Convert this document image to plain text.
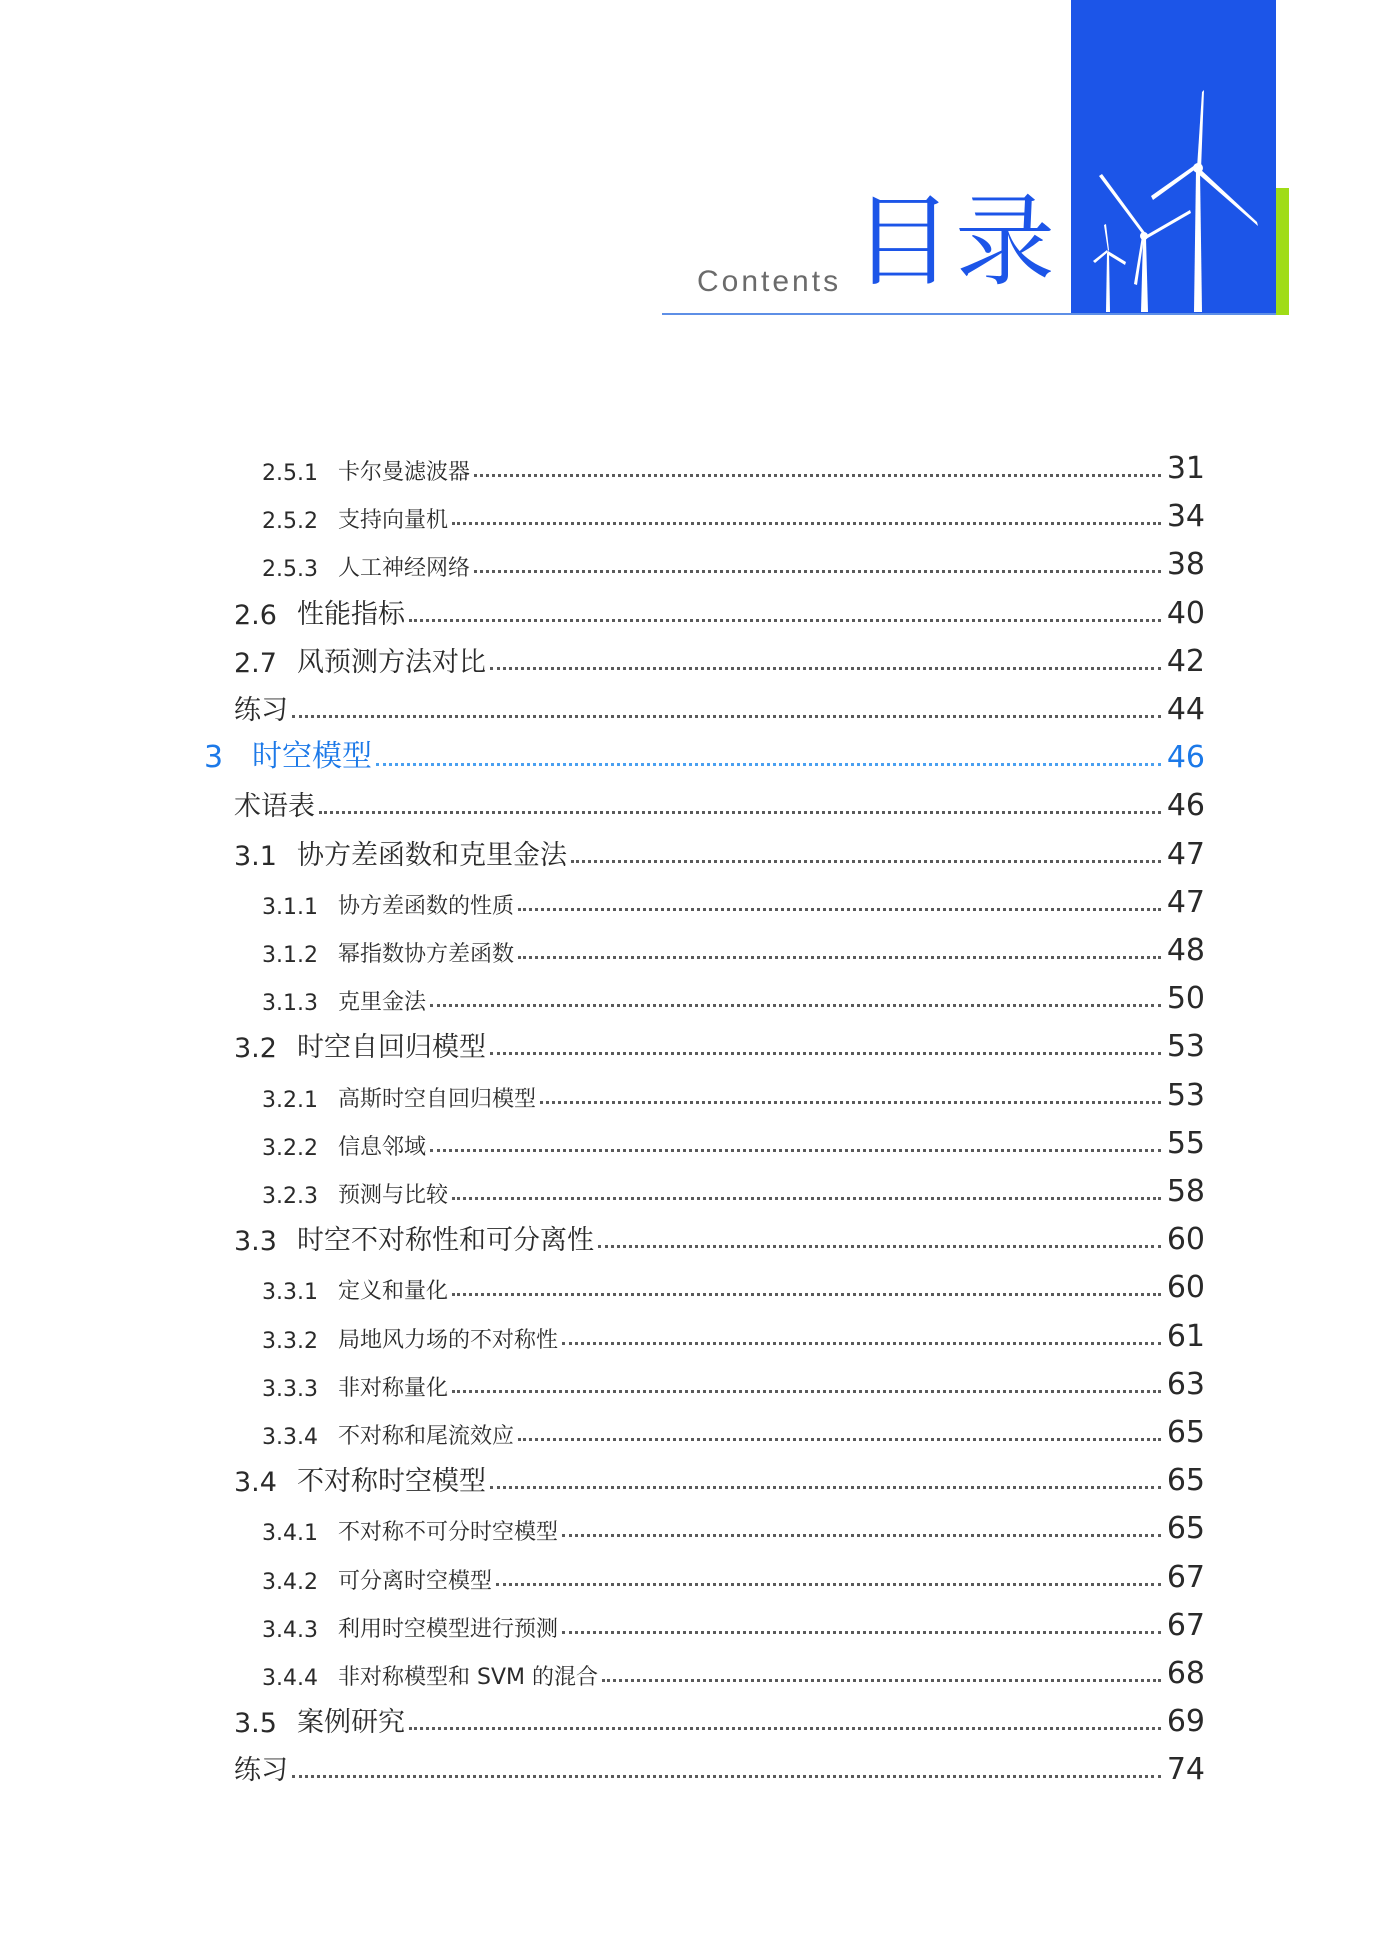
Contents 目录
2.5.1 卡尔曼滤波器	31
2.5.2 支持向量机	34
2.5.3 人工神经网络	38
2.6 性能指标	40
2.7 风预测方法对比	42
练习	44
3 时空模型	46
术语表	46
3.1 协方差函数和克里金法	47
3.1.1 协方差函数的性质	47
3.1.2 幂指数协方差函数	48
3.1.3 克里金法	50
3.2 时空自回归模型	53
3.2.1 高斯时空自回归模型	53
3.2.2 信息邻域	55
3.2.3 预测与比较	58
3.3 时空不对称性和可分离性	60
3.3.1 定义和量化	60
3.3.2 局地风力场的不对称性	61
3.3.3 非对称量化	63
3.3.4 不对称和尾流效应	65
3.4 不对称时空模型	65
3.4.1 不对称不可分时空模型	65
3.4.2 可分离时空模型	67
3.4.3 利用时空模型进行预测	67
3.4.4 非对称模型和 SVM 的混合	68
3.5 案例研究	69
练习	74
